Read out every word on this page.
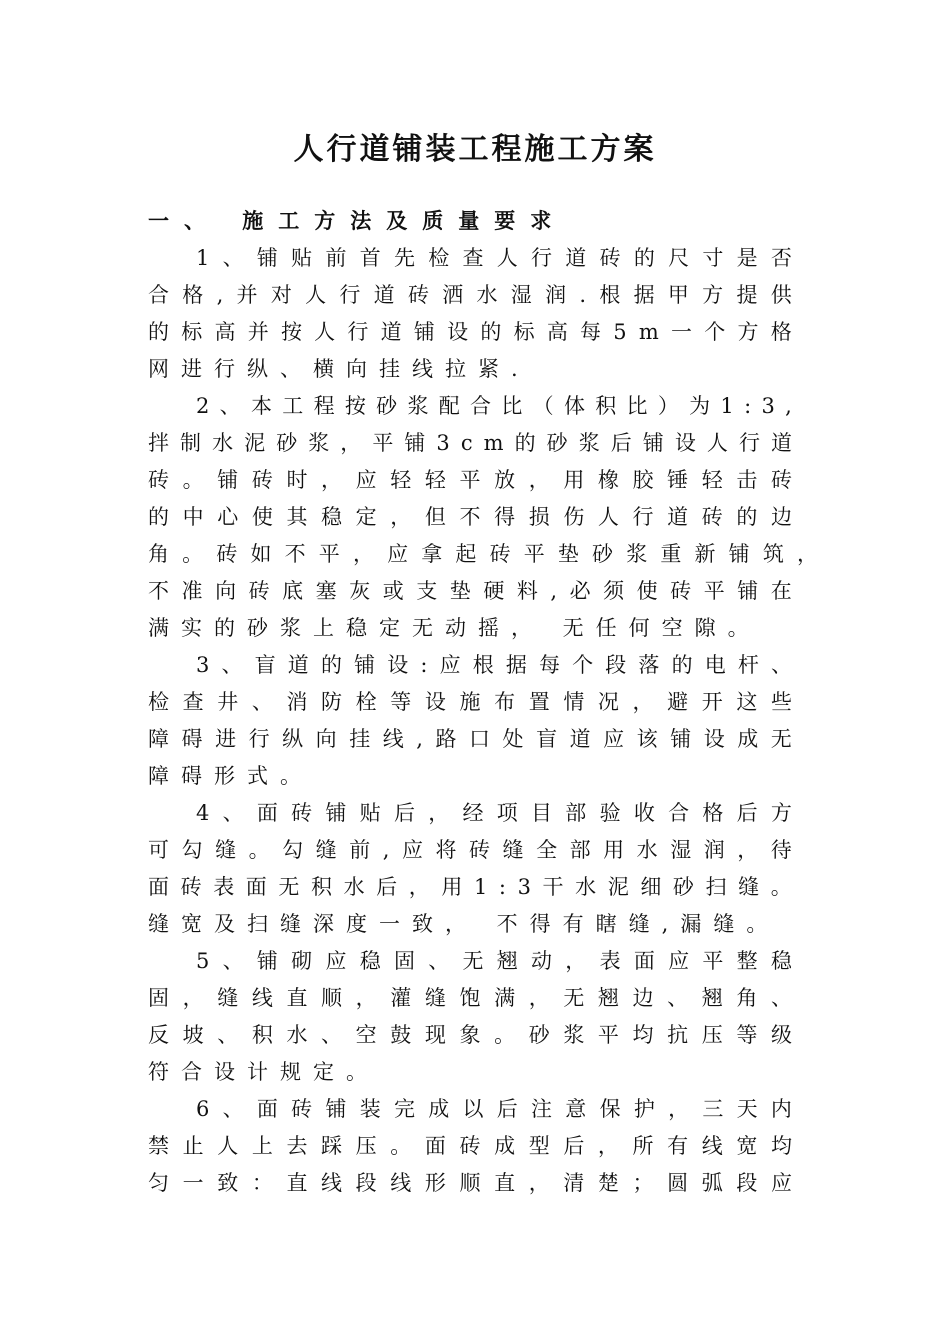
人行道铺装工程施工方案
一、 施工方法及质量要求
1 、 铺 贴 前 首 先 检 查 人 行 道 砖 的 尺 寸 是 否
合 格 , 并 对 人 行 道 砖 洒 水 湿 润 . 根 据 甲 方 提 供
的 标 高 并 按 人 行 道 铺 设 的 标 高 每 5 m 一 个 方 格
网进行纵、横向挂线拉紧.
2 、 本 工 程 按 砂 浆 配 合 比 （ 体 积 比 ） 为 1 : 3 ,
拌 制 水 泥 砂 浆 ， 平 铺 3 c m 的 砂 浆 后 铺 设 人 行 道
砖 。 铺 砖 时 ， 应 轻 轻 平 放 ， 用 橡 胶 锤 轻 击 砖
的 中 心 使 其 稳 定 ， 但 不 得 损 伤 人 行 道 砖 的 边
角 。 砖 如 不 平 ， 应 拿 起 砖 平 垫 砂 浆 重 新 铺 筑 ，
不 准 向 砖 底 塞 灰 或 支 垫 硬 料 , 必 须 使 砖 平 铺 在
满实的砂浆上稳定无动摇， 无任何空隙。
3 、 盲 道 的 铺 设 : 应 根 据 每 个 段 落 的 电 杆 、
检 查 井 、 消 防 栓 等 设 施 布 置 情 况 ， 避 开 这 些
障 碍 进 行 纵 向 挂 线 , 路 口 处 盲 道 应 该 铺 设 成 无
障碍形式。
4 、 面 砖 铺 贴 后 ， 经 项 目 部 验 收 合 格 后 方
可 勾 缝 。 勾 缝 前 , 应 将 砖 缝 全 部 用 水 湿 润 ， 待
面 砖 表 面 无 积 水 后 ， 用 1 : 3 干 水 泥 细 砂 扫 缝 。
缝宽及扫缝深度一致， 不得有瞎缝,漏缝。
5 、 铺 砌 应 稳 固 、 无 翘 动 ， 表 面 应 平 整 稳
固 ， 缝 线 直 顺 ， 灌 缝 饱 满 ， 无 翘 边 、 翘 角 、
反 坡 、 积 水 、 空 鼓 现 象 。 砂 浆 平 均 抗 压 等 级
符合设计规定。
6 、 面 砖 铺 装 完 成 以 后 注 意 保 护 ， 三 天 内
禁 止 人 上 去 踩 压 。 面 砖 成 型 后 ， 所 有 线 宽 均
匀 一 致 ： 直 线 段 线 形 顺 直 ， 清 楚 ； 圆 弧 段 应
